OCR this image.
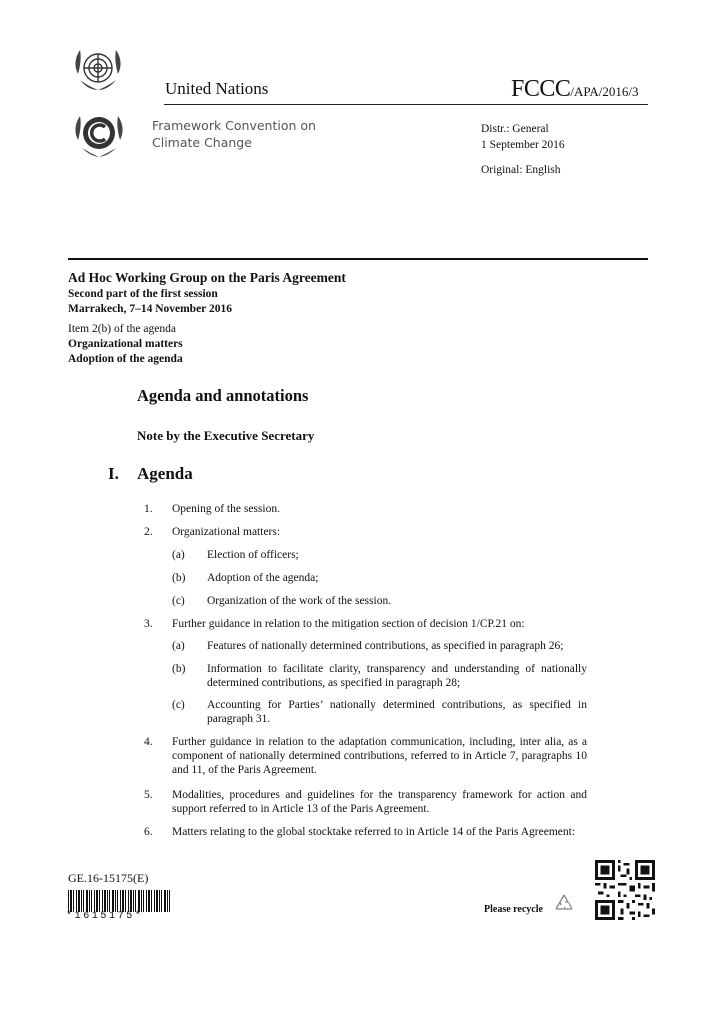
United Nations	FCCC/APA/2016/3
Framework Convention on
Climate Change
Distr.: General
1 September 2016
Original: English
Ad Hoc Working Group on the Paris Agreement
Second part of the first session
Marrakech, 7–14 November 2016
Item 2(b) of the agenda
Organizational matters
Adoption of the agenda
Agenda and annotations
Note by the Executive Secretary
I. Agenda
1. Opening of the session.
2. Organizational matters:
(a) Election of officers;
(b) Adoption of the agenda;
(c) Organization of the work of the session.
3. Further guidance in relation to the mitigation section of decision 1/CP.21 on:
(a) Features of nationally determined contributions, as specified in paragraph 26;
(b) Information to facilitate clarity, transparency and understanding of nationally determined contributions, as specified in paragraph 28;
(c) Accounting for Parties’ nationally determined contributions, as specified in paragraph 31.
4. Further guidance in relation to the adaptation communication, including, inter alia, as a component of nationally determined contributions, referred to in Article 7, paragraphs 10 and 11, of the Paris Agreement.
5. Modalities, procedures and guidelines for the transparency framework for action and support referred to in Article 13 of the Paris Agreement.
6. Matters relating to the global stocktake referred to in Article 14 of the Paris Agreement:
GE.16-15175(E)
*1615175*
Please recycle
